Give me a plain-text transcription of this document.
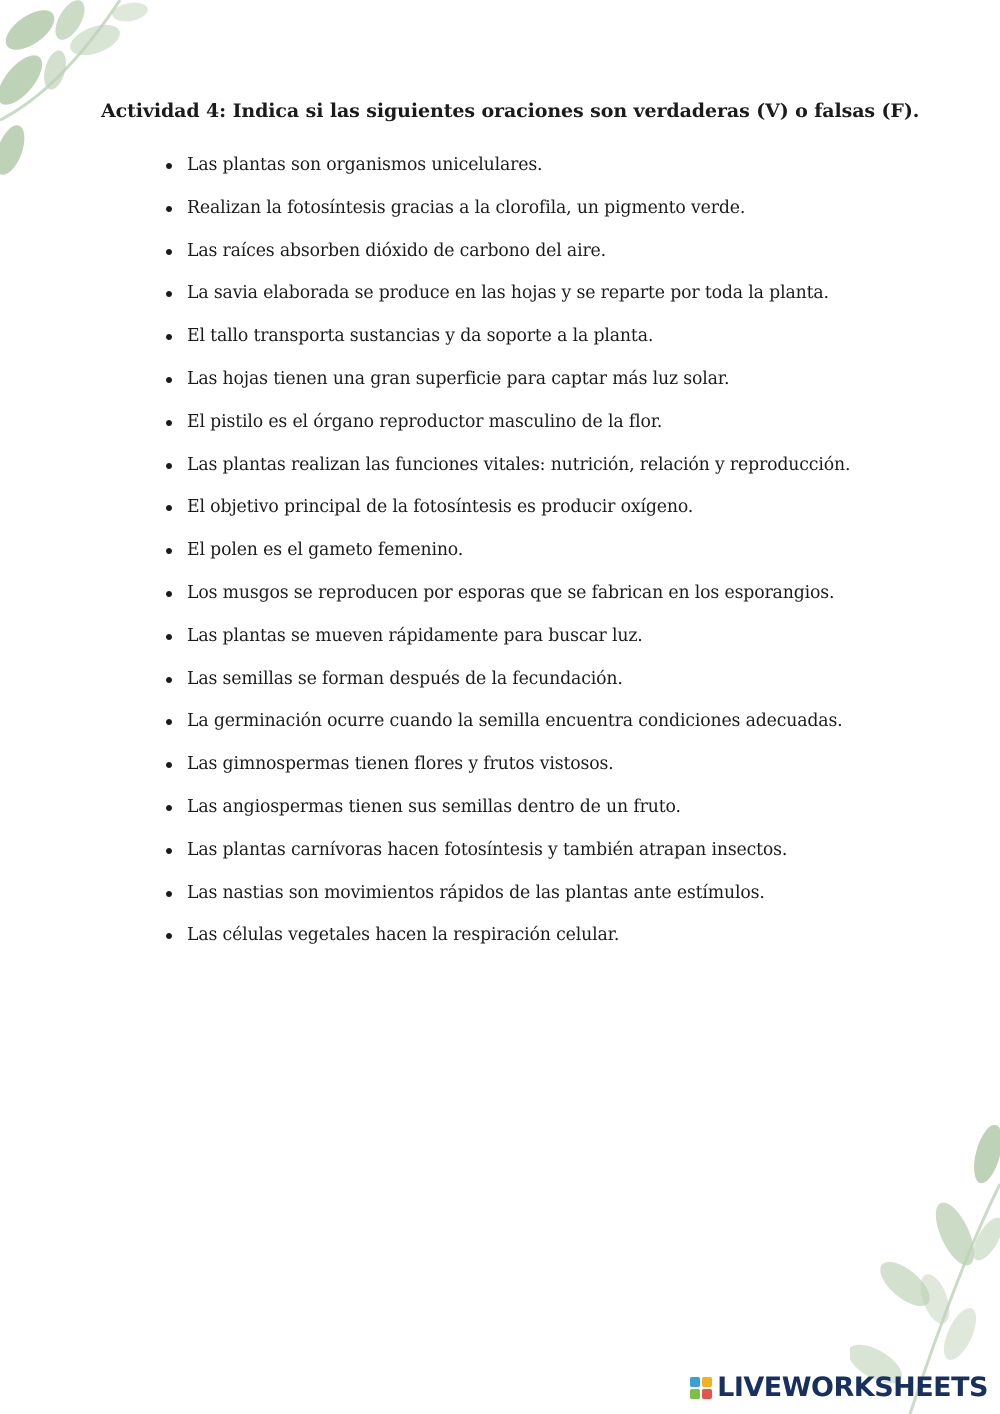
Actividad 4: Indica si las siguientes oraciones son verdaderas (V) o falsas (F).
Las plantas son organismos unicelulares.
Realizan la fotosíntesis gracias a la clorofila, un pigmento verde.
Las raíces absorben dióxido de carbono del aire.
La savia elaborada se produce en las hojas y se reparte por toda la planta.
El tallo transporta sustancias y da soporte a la planta.
Las hojas tienen una gran superficie para captar más luz solar.
El pistilo es el órgano reproductor masculino de la flor.
Las plantas realizan las funciones vitales: nutrición, relación y reproducción.
El objetivo principal de la fotosíntesis es producir oxígeno.
El polen es el gameto femenino.
Los musgos se reproducen por esporas que se fabrican en los esporangios.
Las plantas se mueven rápidamente para buscar luz.
Las semillas se forman después de la fecundación.
La germinación ocurre cuando la semilla encuentra condiciones adecuadas.
Las gimnospermas tienen flores y frutos vistosos.
Las angiospermas tienen sus semillas dentro de un fruto.
Las plantas carnívoras hacen fotosíntesis y también atrapan insectos.
Las nastias son movimientos rápidos de las plantas ante estímulos.
Las células vegetales hacen la respiración celular.
LIVEWORKSHEETS
